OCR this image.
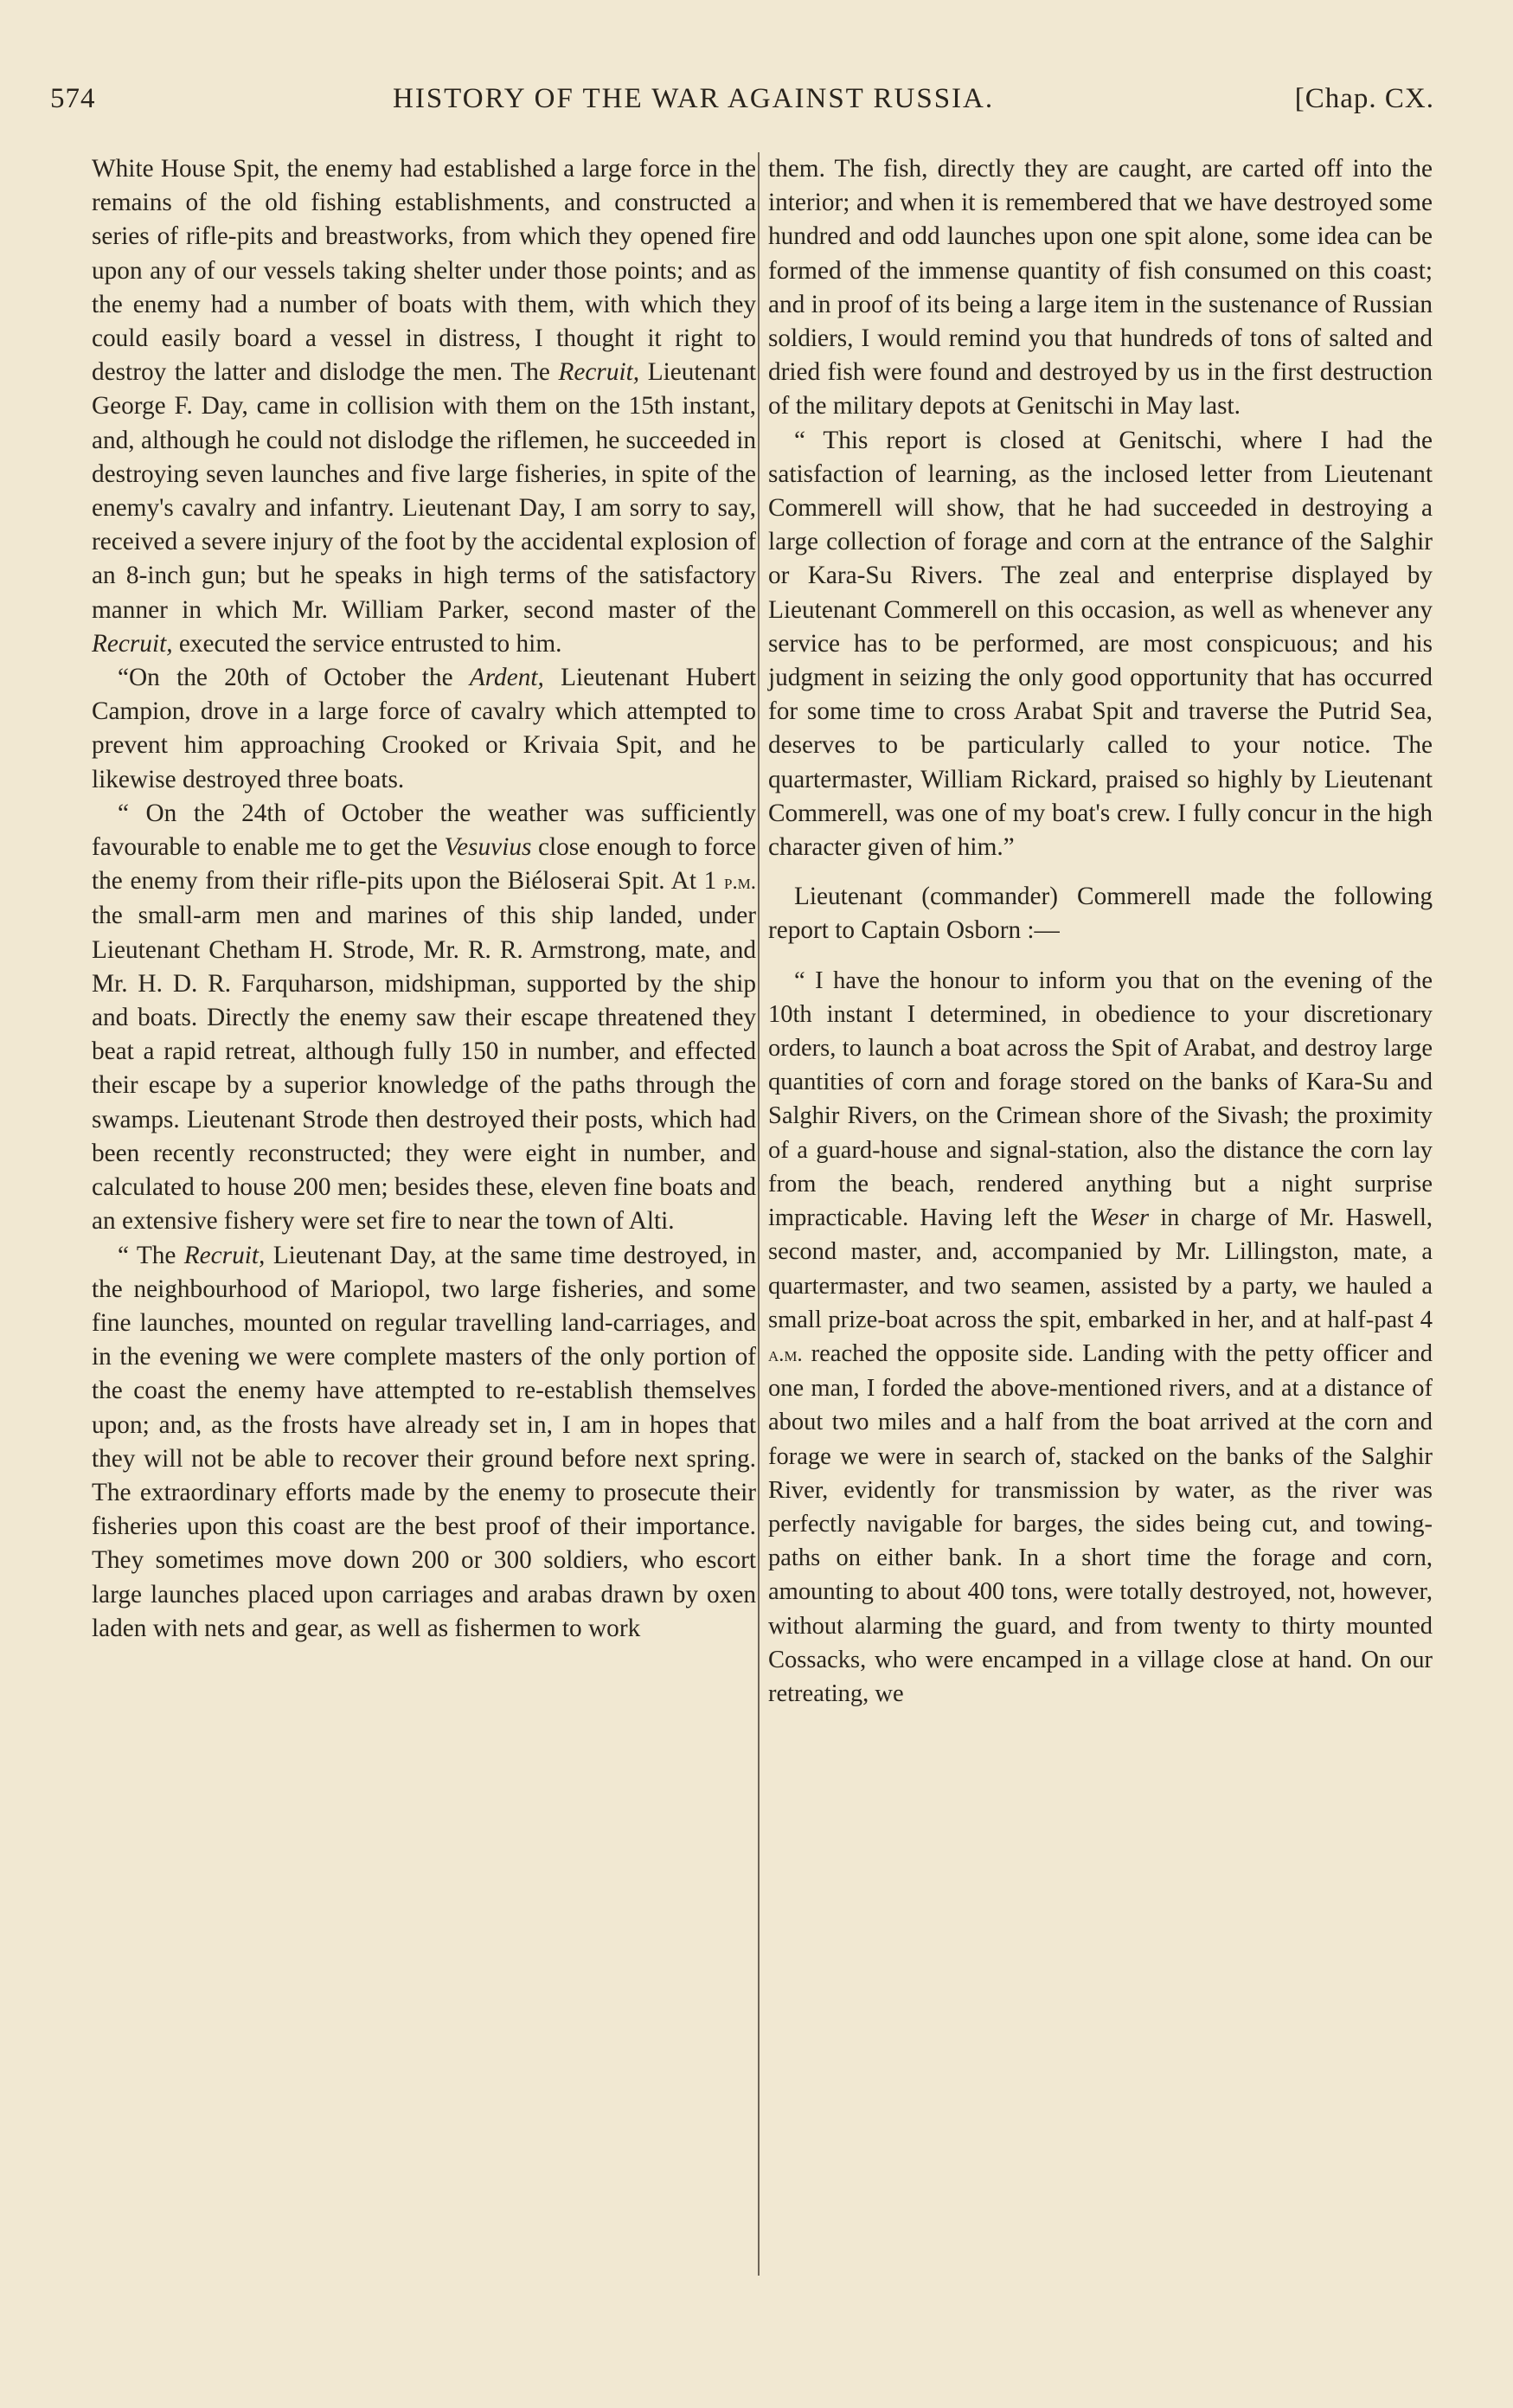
574	HISTORY OF THE WAR AGAINST RUSSIA.	[Chap. CX.

White House Spit, the enemy had established a large force in the remains of the old fishing establishments, and constructed a series of rifle-pits and breastworks, from which they opened fire upon any of our vessels taking shelter under those points; and as the enemy had a number of boats with them, with which they could easily board a vessel in distress, I thought it right to destroy the latter and dislodge the men. The Recruit, Lieutenant George F. Day, came in collision with them on the 15th instant, and, although he could not dislodge the riflemen, he succeeded in destroying seven launches and five large fisheries, in spite of the enemy's cavalry and infantry. Lieutenant Day, I am sorry to say, received a severe injury of the foot by the accidental explosion of an 8-inch gun; but he speaks in high terms of the satisfactory manner in which Mr. William Parker, second master of the Recruit, executed the service entrusted to him.

“On the 20th of October the Ardent, Lieutenant Hubert Campion, drove in a large force of cavalry which attempted to prevent him approaching Crooked or Krivaia Spit, and he likewise destroyed three boats.

“ On the 24th of October the weather was sufficiently favourable to enable me to get the Vesuvius close enough to force the enemy from their rifle-pits upon the Biéloserai Spit. At 1 p.m. the small-arm men and marines of this ship landed, under Lieutenant Chetham H. Strode, Mr. R. R. Armstrong, mate, and Mr. H. D. R. Farquharson, midshipman, supported by the ship and boats. Directly the enemy saw their escape threatened they beat a rapid retreat, although fully 150 in number, and effected their escape by a superior knowledge of the paths through the swamps. Lieutenant Strode then destroyed their posts, which had been recently reconstructed; they were eight in number, and calculated to house 200 men; besides these, eleven fine boats and an extensive fishery were set fire to near the town of Alti.

“ The Recruit, Lieutenant Day, at the same time destroyed, in the neighbourhood of Mariopol, two large fisheries, and some fine launches, mounted on regular travelling land-carriages, and in the evening we were complete masters of the only portion of the coast the enemy have attempted to re-establish themselves upon; and, as the frosts have already set in, I am in hopes that they will not be able to recover their ground before next spring. The extraordinary efforts made by the enemy to prosecute their fisheries upon this coast are the best proof of their importance. They sometimes move down 200 or 300 soldiers, who escort large launches placed upon carriages and arabas drawn by oxen laden with nets and gear, as well as fishermen to work

them. The fish, directly they are caught, are carted off into the interior; and when it is remembered that we have destroyed some hundred and odd launches upon one spit alone, some idea can be formed of the immense quantity of fish consumed on this coast; and in proof of its being a large item in the sustenance of Russian soldiers, I would remind you that hundreds of tons of salted and dried fish were found and destroyed by us in the first destruction of the military depots at Genitschi in May last.

“ This report is closed at Genitschi, where I had the satisfaction of learning, as the inclosed letter from Lieutenant Commerell will show, that he had succeeded in destroying a large collection of forage and corn at the entrance of the Salghir or Kara-Su Rivers. The zeal and enterprise displayed by Lieutenant Commerell on this occasion, as well as whenever any service has to be performed, are most conspicuous; and his judgment in seizing the only good opportunity that has occurred for some time to cross Arabat Spit and traverse the Putrid Sea, deserves to be particularly called to your notice. The quartermaster, William Rickard, praised so highly by Lieutenant Commerell, was one of my boat's crew. I fully concur in the high character given of him.”

Lieutenant (commander) Commerell made the following report to Captain Osborn :—

“ I have the honour to inform you that on the evening of the 10th instant I determined, in obedience to your discretionary orders, to launch a boat across the Spit of Arabat, and destroy large quantities of corn and forage stored on the banks of Kara-Su and Salghir Rivers, on the Crimean shore of the Sivash; the proximity of a guard-house and signal-station, also the distance the corn lay from the beach, rendered anything but a night surprise impracticable. Having left the Weser in charge of Mr. Haswell, second master, and, accompanied by Mr. Lillingston, mate, a quartermaster, and two seamen, assisted by a party, we hauled a small prize-boat across the spit, embarked in her, and at half-past 4 a.m. reached the opposite side. Landing with the petty officer and one man, I forded the above-mentioned rivers, and at a distance of about two miles and a half from the boat arrived at the corn and forage we were in search of, stacked on the banks of the Salghir River, evidently for transmission by water, as the river was perfectly navigable for barges, the sides being cut, and towing-paths on either bank. In a short time the forage and corn, amounting to about 400 tons, were totally destroyed, not, however, without alarming the guard, and from twenty to thirty mounted Cossacks, who were encamped in a village close at hand. On our retreating, we
